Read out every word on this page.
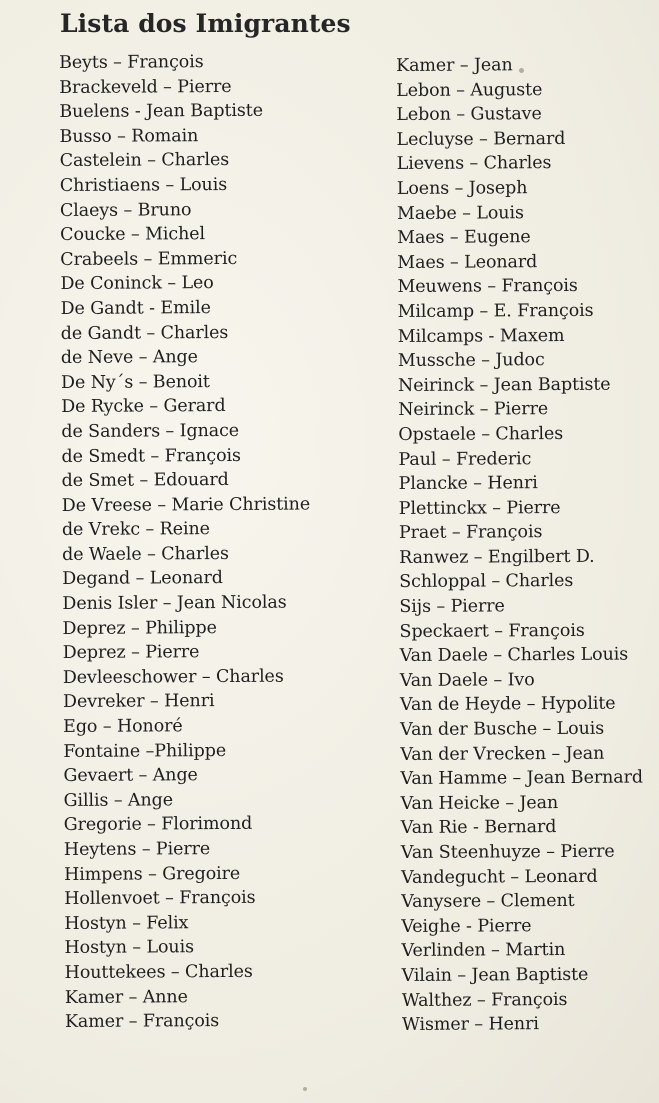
Lista dos Imigrantes
Beyts – François
Brackeveld – Pierre
Buelens - Jean Baptiste
Busso – Romain
Castelein – Charles
Christiaens – Louis
Claeys – Bruno
Coucke – Michel
Crabeels – Emmeric
De Coninck – Leo
De Gandt - Emile
de Gandt – Charles
de Neve – Ange
De Ny´s – Benoit
De Rycke – Gerard
de Sanders – Ignace
de Smedt – François
de Smet – Edouard
De Vreese – Marie Christine
de Vrekc – Reine
de Waele – Charles
Degand – Leonard
Denis Isler – Jean Nicolas
Deprez – Philippe
Deprez – Pierre
Devleeschower – Charles
Devreker – Henri
Ego – Honoré
Fontaine –Philippe
Gevaert – Ange
Gillis – Ange
Gregorie – Florimond
Heytens – Pierre
Himpens – Gregoire
Hollenvoet – François
Hostyn – Felix
Hostyn – Louis
Houttekees – Charles
Kamer – Anne
Kamer – François
Kamer – Jean
Lebon – Auguste
Lebon – Gustave
Lecluyse – Bernard
Lievens – Charles
Loens – Joseph
Maebe – Louis
Maes – Eugene
Maes – Leonard
Meuwens – François
Milcamp – E. François
Milcamps - Maxem
Mussche – Judoc
Neirinck – Jean Baptiste
Neirinck – Pierre
Opstaele – Charles
Paul – Frederic
Plancke – Henri
Plettinckx – Pierre
Praet – François
Ranwez – Engilbert D.
Schloppal – Charles
Sijs – Pierre
Speckaert – François
Van Daele – Charles Louis
Van Daele – Ivo
Van de Heyde – Hypolite
Van der Busche – Louis
Van der Vrecken – Jean
Van Hamme – Jean Bernard
Van Heicke – Jean
Van Rie - Bernard
Van Steenhuyze – Pierre
Vandegucht – Leonard
Vanysere – Clement
Veighe - Pierre
Verlinden – Martin
Vilain – Jean Baptiste
Walthez – François
Wismer – Henri
